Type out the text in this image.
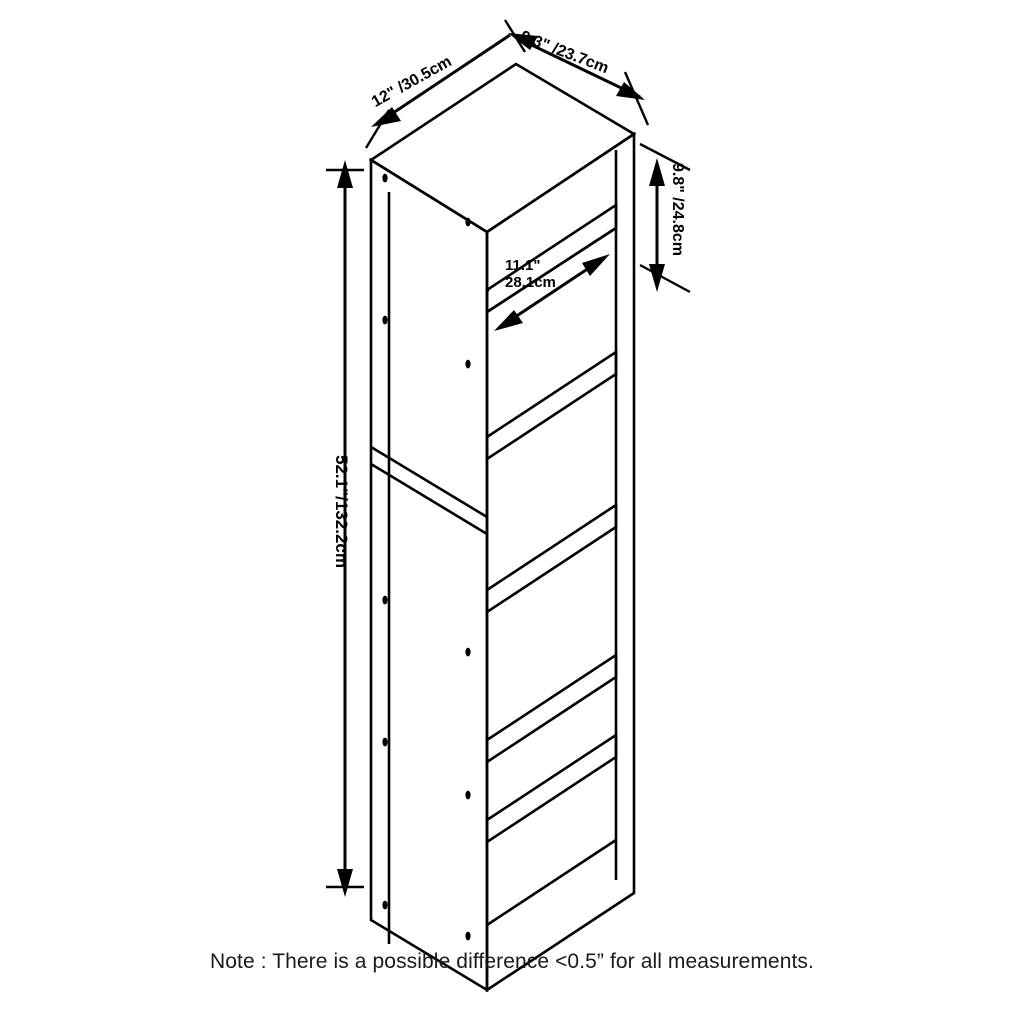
12" /30.5cm
9.3" /23.7cm
9.8" /24.8cm
11.1"
28.1cm
52.1"/132.2cm
Note : There is a possible difference <0.5” for all measurements.
